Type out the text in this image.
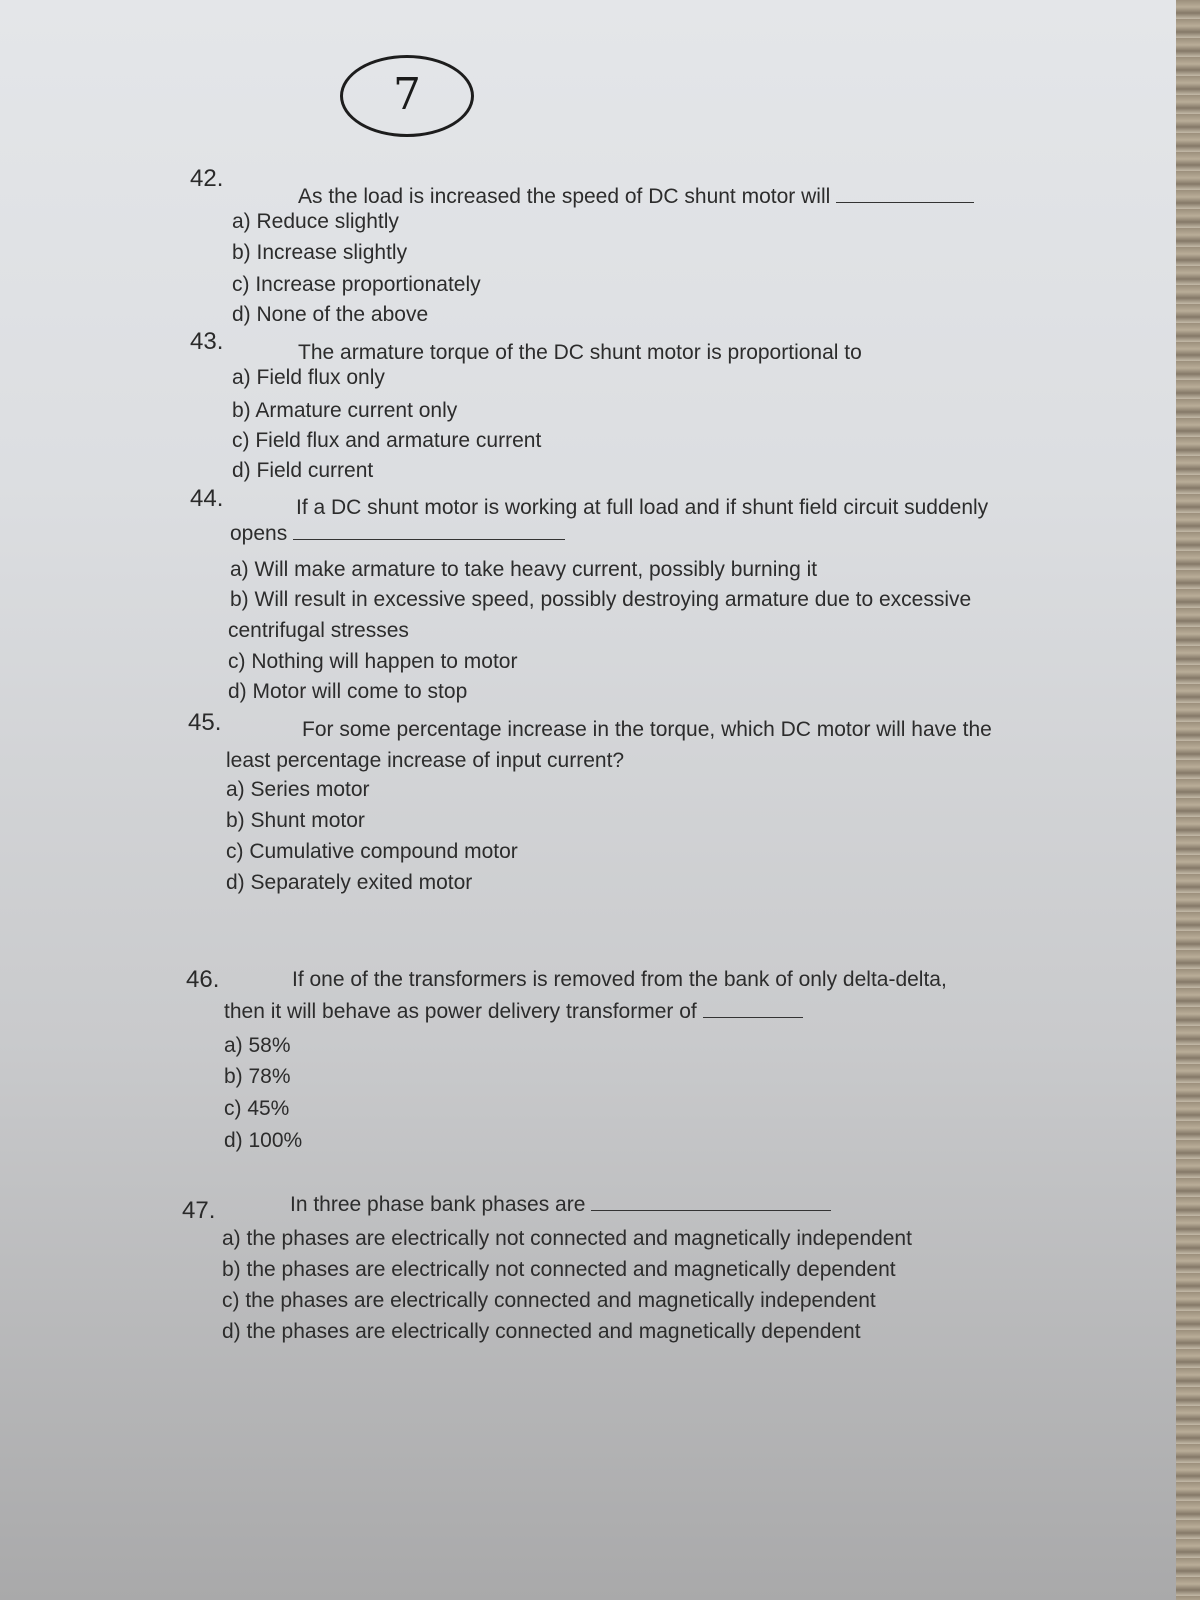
7
42.
As the load is increased the speed of DC shunt motor will
a) Reduce slightly
b) Increase slightly
c) Increase proportionately
d) None of the above
43.	The armature torque of the DC shunt motor is proportional to
a) Field flux only
b) Armature current only
c) Field flux and armature current
d) Field current
44.	If a DC shunt motor is working at full load and if shunt field circuit suddenly
opens
a) Will make armature to take heavy current, possibly burning it
b) Will result in excessive speed, possibly destroying armature due to excessive
centrifugal stresses
c) Nothing will happen to motor
d) Motor will come to stop
45.	For some percentage increase in the torque, which DC motor will have the
least percentage increase of input current?
a) Series motor
b) Shunt motor
c) Cumulative compound motor
d) Separately exited motor
46.	If one of the transformers is removed from the bank of only delta-delta,
then it will behave as power delivery transformer of
a) 58%
b) 78%
c) 45%
d) 100%
47.	In three phase bank phases are
a) the phases are electrically not connected and magnetically independent
b) the phases are electrically not connected and magnetically dependent
c) the phases are electrically connected and magnetically independent
d) the phases are electrically connected and magnetically dependent
